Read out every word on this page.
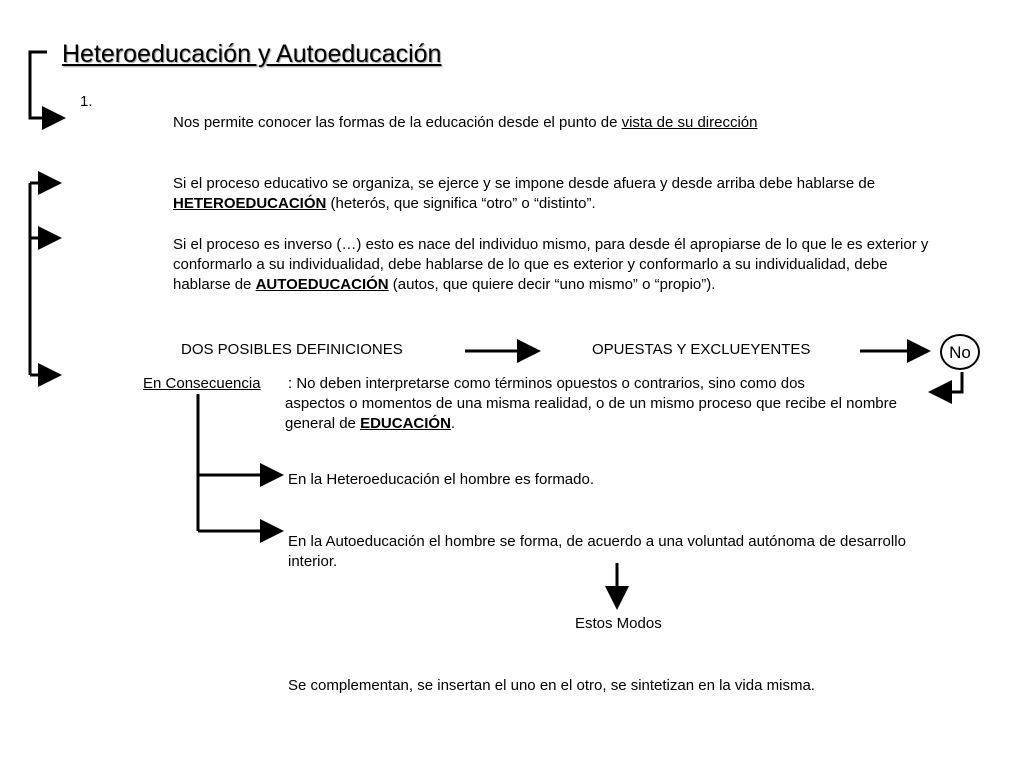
Heteroeducación y Autoeducación
1.
Nos permite conocer las formas de la educación desde el punto de vista de su dirección
Si el proceso educativo se organiza, se ejerce y se impone desde afuera y desde arriba debe hablarse de HETEROEDUCACIÓN (heterós, que significa “otro” o “distinto”.
Si el proceso es inverso (…) esto es nace del individuo mismo, para desde él apropiarse de lo que le es exterior y conformarlo a su individualidad, debe hablarse de lo que es exterior y conformarlo a su individualidad, debe hablarse de AUTOEDUCACIÓN (autos, que quiere decir “uno mismo” o “propio”).
DOS POSIBLES DEFINICIONES	OPUESTAS Y EXCLUEYENTES	No
En Consecuencia : No deben interpretarse como términos opuestos o contrarios, sino como dos
aspectos o momentos de una misma realidad, o de un mismo proceso que recibe el nombre general de EDUCACIÓN.
En la Heteroeducación el hombre es formado.
En la Autoeducación el hombre se forma, de acuerdo a una voluntad autónoma de desarrollo interior.
Estos Modos
Se complementan, se insertan el uno en el otro, se sintetizan en la vida misma.
